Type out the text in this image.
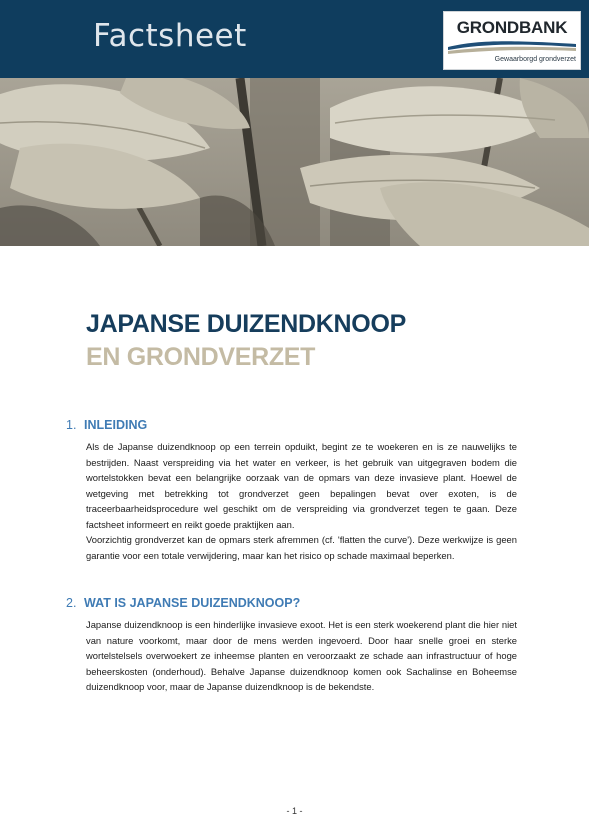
Factsheet	GRONDBANK
Gewaarborgd grondverzet
JAPANSE DUIZENDKNOOP
EN GRONDVERZET
1. INLEIDING

Als de Japanse duizendknoop op een terrein opduikt, begint ze te woekeren en is ze nauwelijks te bestrijden. Naast verspreiding via het water en verkeer, is het gebruik van uitgegraven bodem die wortelstokken bevat een belangrijke oorzaak van de opmars van deze invasieve plant. Hoewel de wetgeving met betrekking tot grondverzet geen bepalingen bevat over exoten, is de traceerbaarheidsprocedure wel geschikt om de verspreiding via grondverzet tegen te gaan. Deze factsheet informeert en reikt goede praktijken aan.

Voorzichtig grondverzet kan de opmars sterk afremmen (cf. 'flatten the curve'). Deze werkwijze is geen garantie voor een totale verwijdering, maar kan het risico op schade maximaal beperken.

2. WAT IS JAPANSE DUIZENDKNOOP?

Japanse duizendknoop is een hinderlijke invasieve exoot. Het is een sterk woekerend plant die hier niet van nature voorkomt, maar door de mens werden ingevoerd. Door haar snelle groei en sterke wortelstelsels overwoekert ze inheemse planten en veroorzaakt ze schade aan infrastructuur of hoge beheerskosten (onderhoud). Behalve Japanse duizendknoop komen ook Sachalinse en Boheemse duizendknoop voor, maar de Japanse duizendknoop is de bekendste.

- 1 -
